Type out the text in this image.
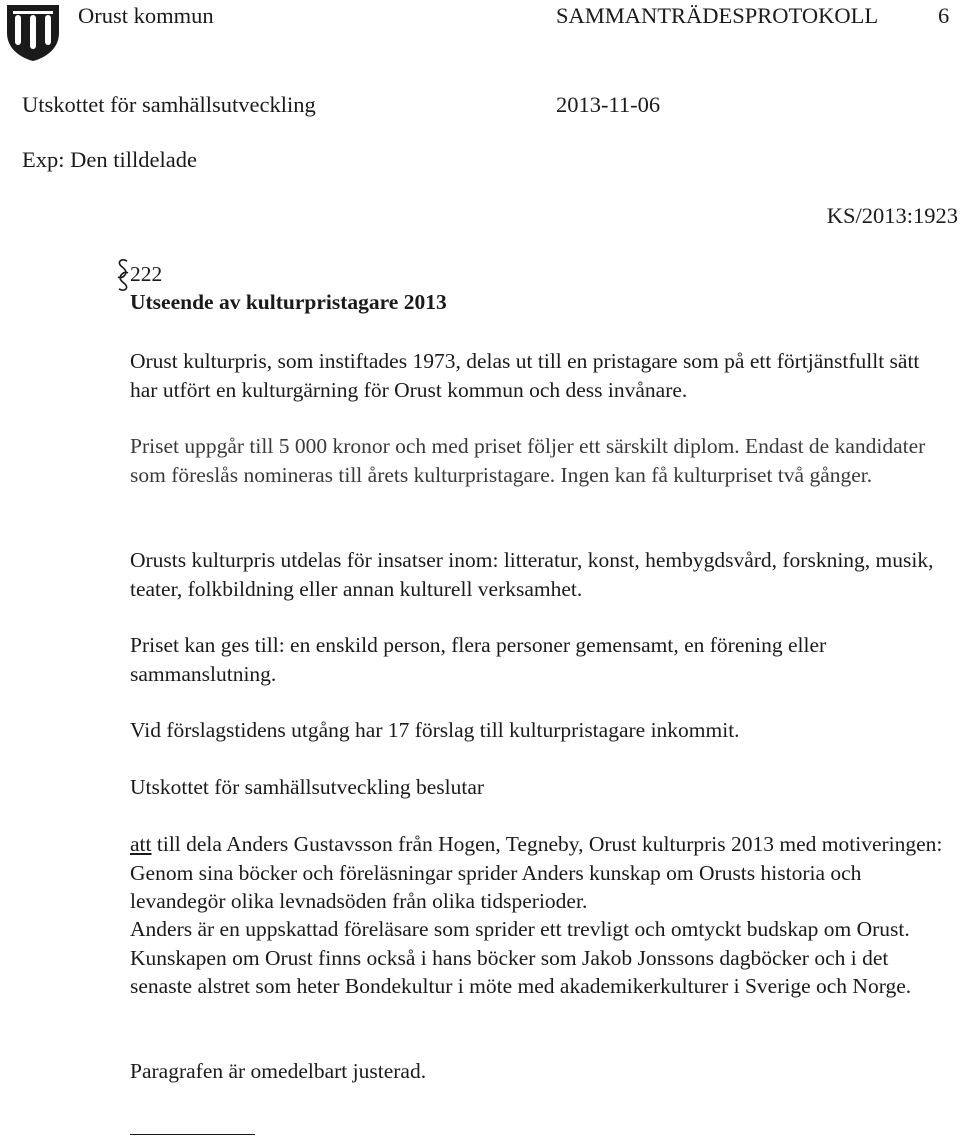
Orust kommun	SAMMANTRÄDESPROTOKOLL	6
Utskottet för samhällsutveckling	2013-11-06
Exp: Den tilldelade
KS/2013:1923
222
Utseende av kulturpristagare 2013
Orust kulturpris, som instiftades 1973, delas ut till en pristagare som på ett förtjänstfullt sätt har utfört en kulturgärning för Orust kommun och dess invånare.
Priset uppgår till 5 000 kronor och med priset följer ett särskilt diplom. Endast de kandidater som föreslås nomineras till årets kulturpristagare. Ingen kan få kulturpriset två gånger.
Orusts kulturpris utdelas för insatser inom: litteratur, konst, hembygdsvård, forskning, musik, teater, folkbildning eller annan kulturell verksamhet.
Priset kan ges till: en enskild person, flera personer gemensamt, en förening eller sammanslutning.
Vid förslagstidens utgång har 17 förslag till kulturpristagare inkommit.
Utskottet för samhällsutveckling beslutar
att till dela Anders Gustavsson från Hogen, Tegneby, Orust kulturpris 2013 med motiveringen: Genom sina böcker och föreläsningar sprider Anders kunskap om Orusts historia och levandegör olika levnadsöden från olika tidsperioder.
Anders är en uppskattad föreläsare som sprider ett trevligt och omtyckt budskap om Orust. Kunskapen om Orust finns också i hans böcker som Jakob Jonssons dagböcker och i det senaste alstret som heter Bondekultur i möte med akademikerkulturer i Sverige och Norge.
Paragrafen är omedelbart justerad.
